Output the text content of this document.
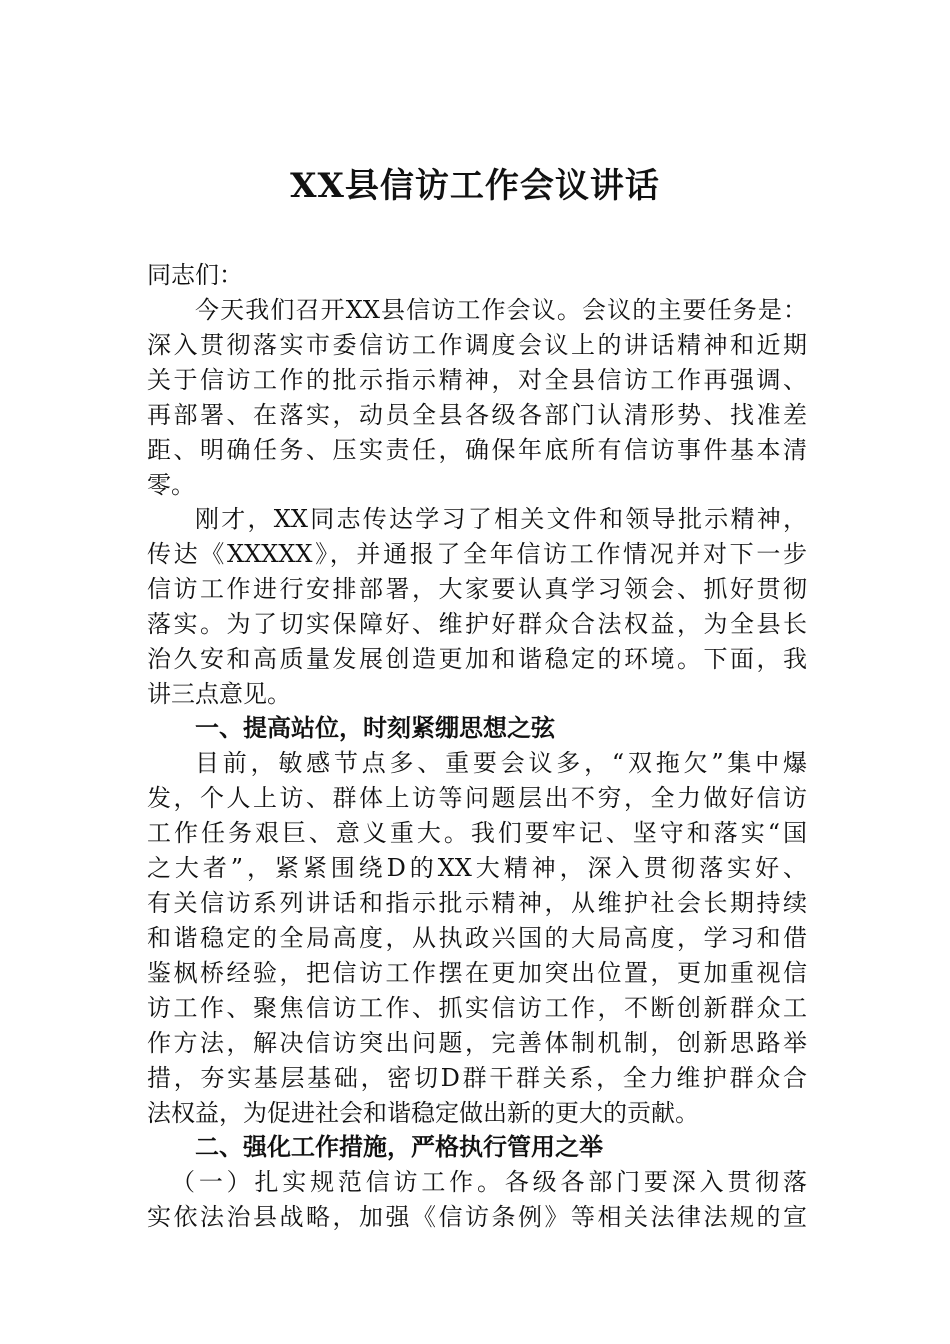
XX县信访工作会议讲话
同志们：
今天我们召开XX县信访工作会议。会议的主要任务是：
深入贯彻落实市委信访工作调度会议上的讲话精神和近期
关于信访工作的批示指示精神，对全县信访工作再强调、
再部署、在落实，动员全县各级各部门认清形势、找准差
距、明确任务、压实责任，确保年底所有信访事件基本清
零。
刚才，XX同志传达学习了相关文件和领导批示精神，
传达《XXXXX》，并通报了全年信访工作情况并对下一步
信访工作进行安排部署，大家要认真学习领会、抓好贯彻
落实。为了切实保障好、维护好群众合法权益，为全县长
治久安和高质量发展创造更加和谐稳定的环境。下面，我
讲三点意见。
一、提高站位，时刻紧绷思想之弦
目前，敏感节点多、重要会议多，“双拖欠”集中爆
发，个人上访、群体上访等问题层出不穷，全力做好信访
工作任务艰巨、意义重大。我们要牢记、坚守和落实“国
之大者”，紧紧围绕D的XX大精神，深入贯彻落实好、
有关信访系列讲话和指示批示精神，从维护社会长期持续
和谐稳定的全局高度，从执政兴国的大局高度，学习和借
鉴枫桥经验，把信访工作摆在更加突出位置，更加重视信
访工作、聚焦信访工作、抓实信访工作，不断创新群众工
作方法，解决信访突出问题，完善体制机制，创新思路举
措，夯实基层基础，密切D群干群关系，全力维护群众合
法权益，为促进社会和谐稳定做出新的更大的贡献。
二、强化工作措施，严格执行管用之举
（一）扎实规范信访工作。各级各部门要深入贯彻落
实依法治县战略，加强《信访条例》等相关法律法规的宣
